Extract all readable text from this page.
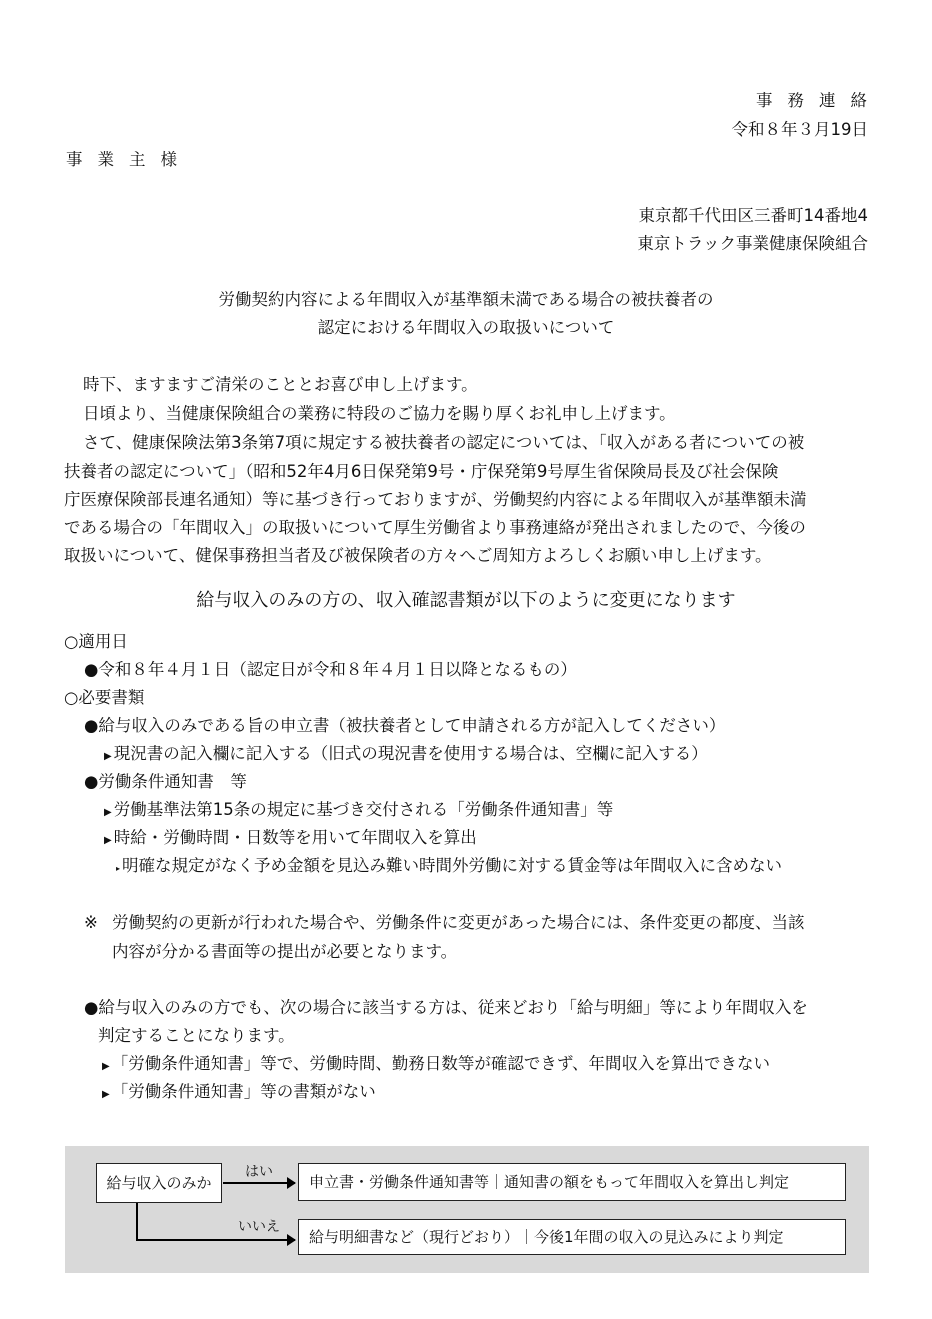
事務連絡
令和８年３月19日
事業主様
東京都千代田区三番町14番地4
東京トラック事業健康保険組合
労働契約内容による年間収入が基準額未満である場合の被扶養者の
認定における年間収入の取扱いについて
時下、ますますご清栄のこととお喜び申し上げます。
日頃より、当健康保険組合の業務に特段のご協力を賜り厚くお礼申し上げます。
さて、健康保険法第3条第7項に規定する被扶養者の認定については、「収入がある者についての被
扶養者の認定について」（昭和52年4月6日保発第9号・庁保発第9号厚生省保険局長及び社会保険
庁医療保険部長連名通知）等に基づき行っておりますが、労働契約内容による年間収入が基準額未満
である場合の「年間収入」の取扱いについて厚生労働省より事務連絡が発出されましたので、今後の
取扱いについて、健保事務担当者及び被保険者の方々へご周知方よろしくお願い申し上げます。
給与収入のみの方の、収入確認書類が以下のように変更になります
○適用日
●令和８年４月１日（認定日が令和８年４月１日以降となるもの）
○必要書類
●給与収入のみである旨の申立書（被扶養者として申請される方が記入してください）
▶ 現況書の記入欄に記入する（旧式の現況書を使用する場合は、空欄に記入する）
●労働条件通知書　等
▶ 労働基準法第15条の規定に基づき交付される「労働条件通知書」等
▶ 時給・労働時間・日数等を用いて年間収入を算出
▸ 明確な規定がなく予め金額を見込み難い時間外労働に対する賃金等は年間収入に含めない
※ 労働契約の更新が行われた場合や、労働条件に変更があった場合には、条件変更の都度、当該
内容が分かる書面等の提出が必要となります。
●給与収入のみの方でも、次の場合に該当する方は、従来どおり「給与明細」等により年間収入を
判定することになります。
▶ 「労働条件通知書」等で、労働時間、勤務日数等が確認できず、年間収入を算出できない
▶ 「労働条件通知書」等の書類がない
給与収入のみか
はい
申立書・労働条件通知書等｜通知書の額をもって年間収入を算出し判定
いいえ
給与明細書など（現行どおり）｜今後1年間の収入の見込みにより判定
